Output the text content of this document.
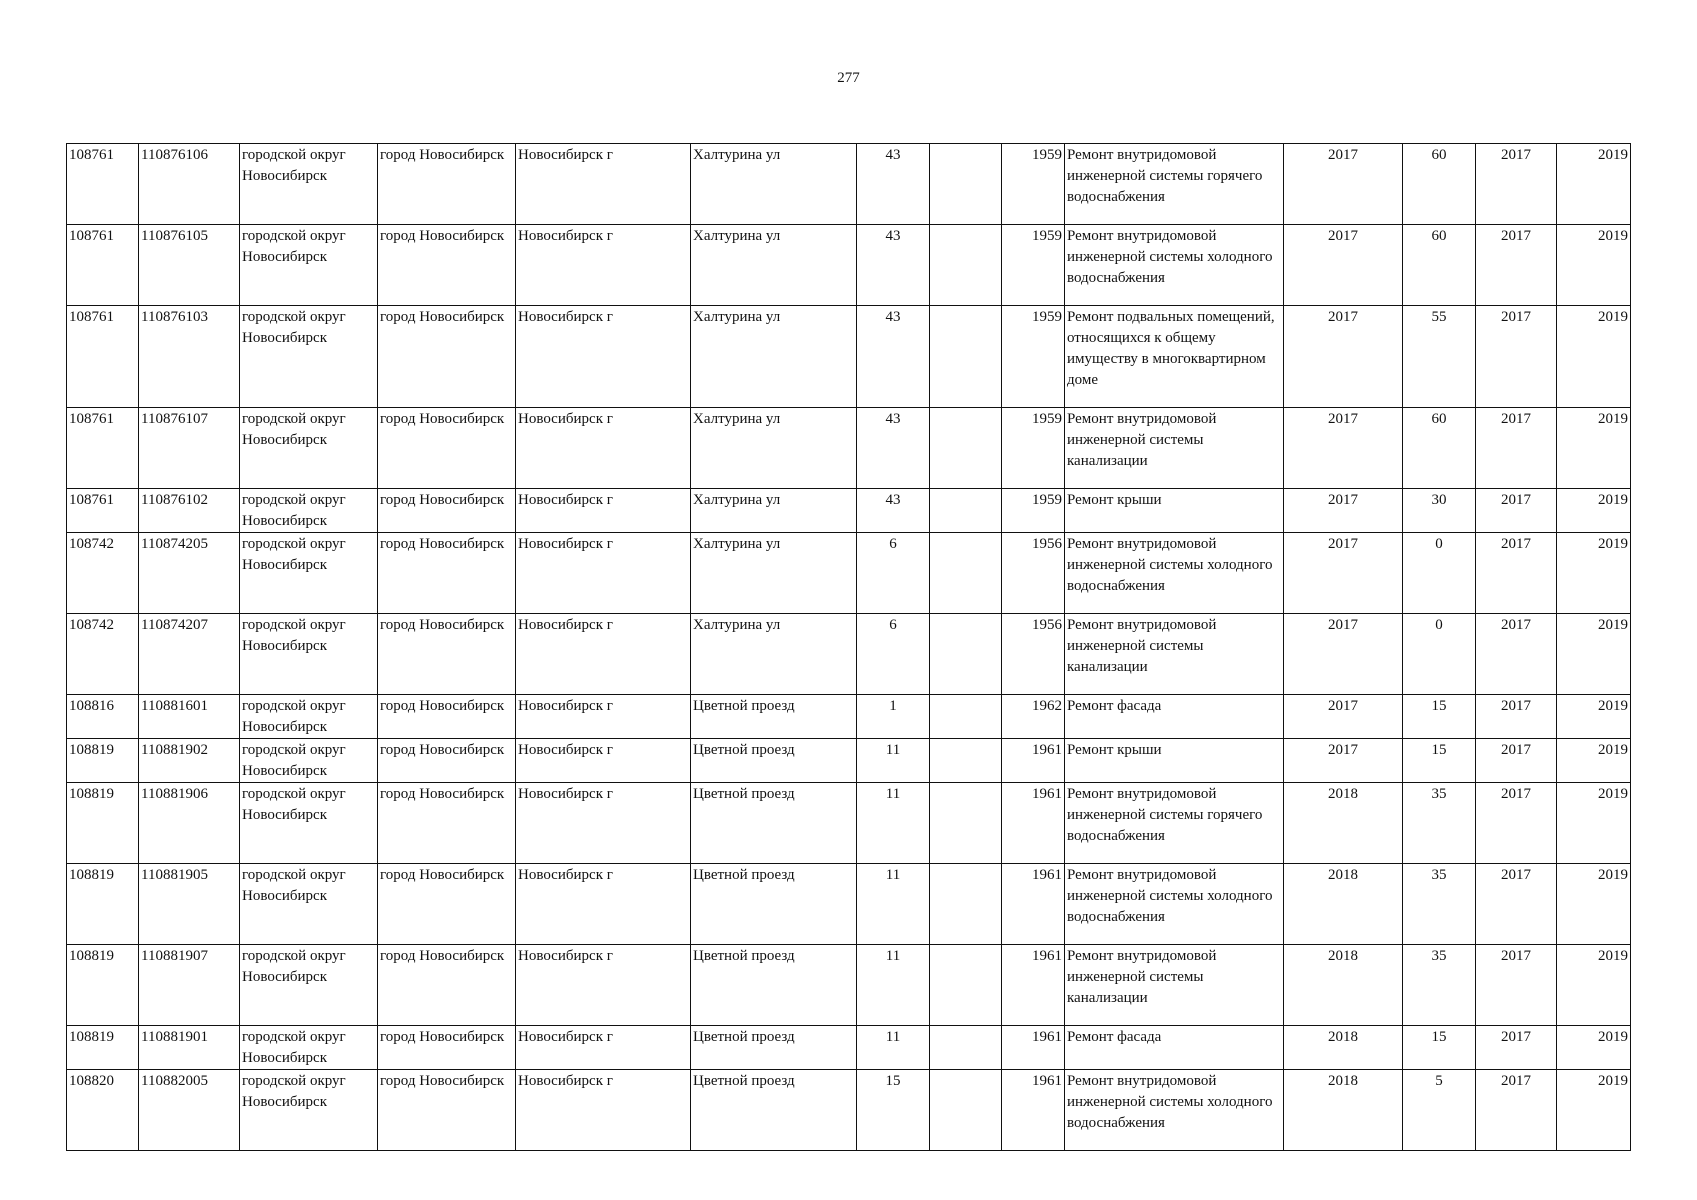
277
108761	110876106	городской округ Новосибирск	город Новосибирск	Новосибирск г	Халтурина ул	43		1959	Ремонт внутридомовой инженерной системы горячего водоснабжения	2017	60	2017	2019
108761	110876105	городской округ Новосибирск	город Новосибирск	Новосибирск г	Халтурина ул	43		1959	Ремонт внутридомовой инженерной системы холодного водоснабжения	2017	60	2017	2019
108761	110876103	городской округ Новосибирск	город Новосибирск	Новосибирск г	Халтурина ул	43		1959	Ремонт подвальных помещений, относящихся к общему имуществу в многоквартирном доме	2017	55	2017	2019
108761	110876107	городской округ Новосибирск	город Новосибирск	Новосибирск г	Халтурина ул	43		1959	Ремонт внутридомовой инженерной системы канализации	2017	60	2017	2019
108761	110876102	городской округ Новосибирск	город Новосибирск	Новосибирск г	Халтурина ул	43		1959	Ремонт крыши	2017	30	2017	2019
108742	110874205	городской округ Новосибирск	город Новосибирск	Новосибирск г	Халтурина ул	6		1956	Ремонт внутридомовой инженерной системы холодного водоснабжения	2017	0	2017	2019
108742	110874207	городской округ Новосибирск	город Новосибирск	Новосибирск г	Халтурина ул	6		1956	Ремонт внутридомовой инженерной системы канализации	2017	0	2017	2019
108816	110881601	городской округ Новосибирск	город Новосибирск	Новосибирск г	Цветной проезд	1		1962	Ремонт фасада	2017	15	2017	2019
108819	110881902	городской округ Новосибирск	город Новосибирск	Новосибирск г	Цветной проезд	11		1961	Ремонт крыши	2017	15	2017	2019
108819	110881906	городской округ Новосибирск	город Новосибирск	Новосибирск г	Цветной проезд	11		1961	Ремонт внутридомовой инженерной системы горячего водоснабжения	2018	35	2017	2019
108819	110881905	городской округ Новосибирск	город Новосибирск	Новосибирск г	Цветной проезд	11		1961	Ремонт внутридомовой инженерной системы холодного водоснабжения	2018	35	2017	2019
108819	110881907	городской округ Новосибирск	город Новосибирск	Новосибирск г	Цветной проезд	11		1961	Ремонт внутридомовой инженерной системы канализации	2018	35	2017	2019
108819	110881901	городской округ Новосибирск	город Новосибирск	Новосибирск г	Цветной проезд	11		1961	Ремонт фасада	2018	15	2017	2019
108820	110882005	городской округ Новосибирск	город Новосибирск	Новосибирск г	Цветной проезд	15		1961	Ремонт внутридомовой инженерной системы холодного водоснабжения	2018	5	2017	2019
